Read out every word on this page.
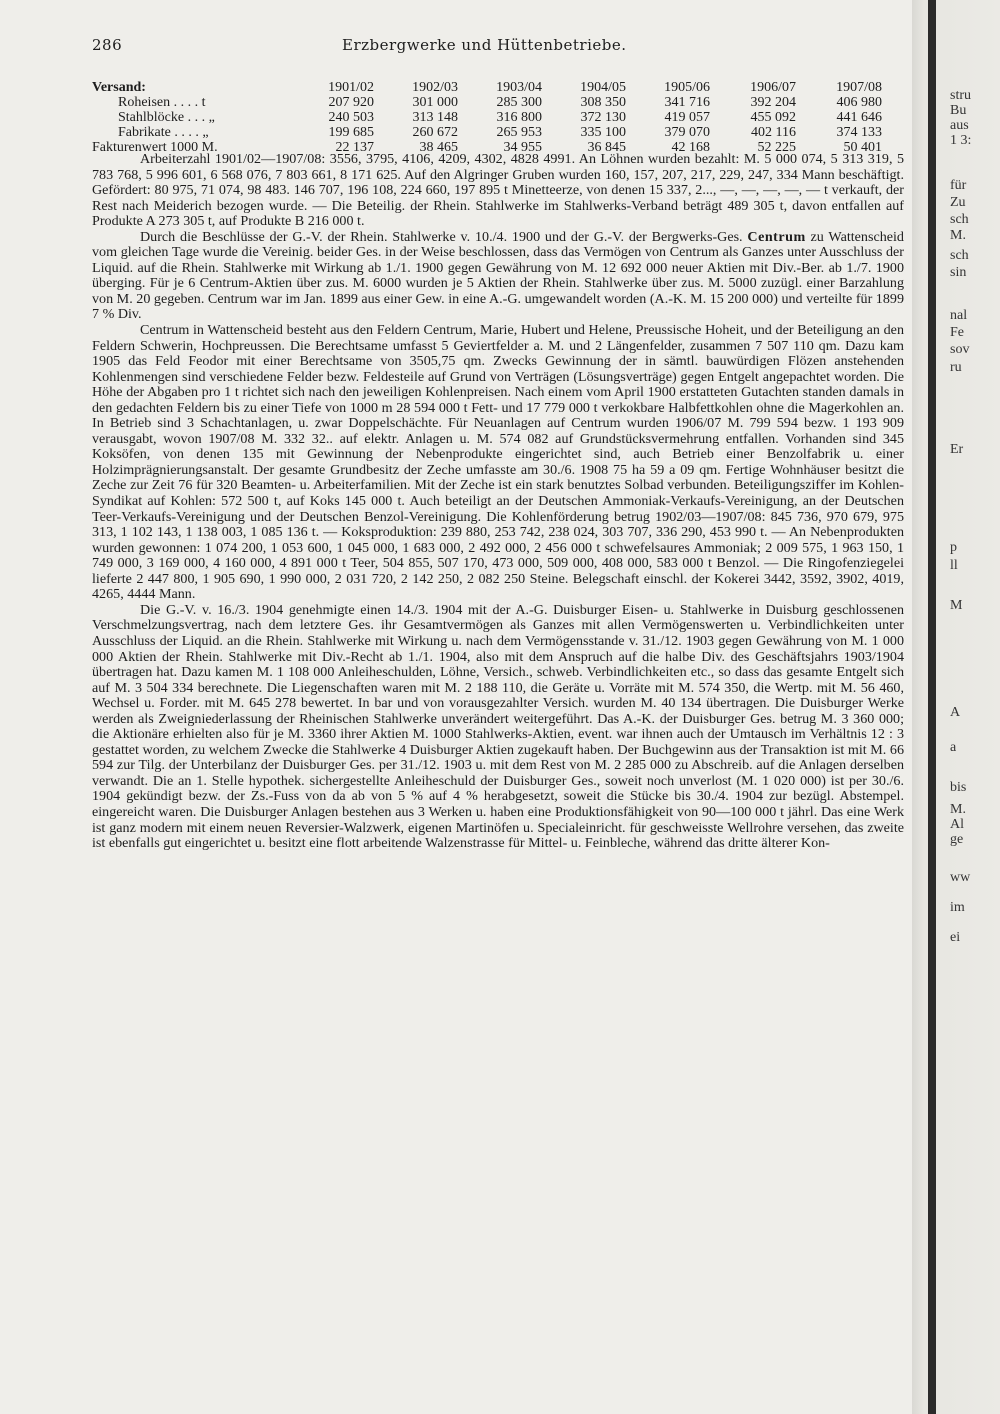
286	Erzbergwerke und Hüttenbetriebe.
Versand:	1901/02	1902/03	1903/04	1904/05	1905/06	1906/07	1907/08
Roheisen . . . . t	207 920	301 000	285 300	308 350	341 716	392 204	406 980
Stahlblöcke . . . „	240 503	313 148	316 800	372 130	419 057	455 092	441 646
Fabrikate . . . . „	199 685	260 672	265 953	335 100	379 070	402 116	374 133
Fakturenwert 1000 M.	22 137	38 465	34 955	36 845	42 168	52 225	50 401

Arbeiterzahl 1901/02—1907/08: 3556, 3795, 4106, 4209, 4302, 4828 4991. An Löhnen wurden bezahlt: M. 5 000 074, 5 313 319, 5 783 768, 5 996 601, 6 568 076, 7 803 661, 8 171 625. Auf den Algringer Gruben wurden 160, 157, 207, 217, 229, 247, 334 Mann beschäftigt. Gefördert: 80 975, 71 074, 98 483. 146 707, 196 108, 224 660, 197 895 t Minetteerze, von denen 15 337, 2..., —, —, —, —, — t verkauft, der Rest nach Meiderich bezogen wurde. — Die Beteilig. der Rhein. Stahlwerke im Stahlwerks-Verband beträgt 489 305 t, davon entfallen auf Produkte A 273 305 t, auf Produkte B 216 000 t.

Durch die Beschlüsse der G.-V. der Rhein. Stahlwerke v. 10./4. 1900 und der G.-V. der Bergwerks-Ges. Centrum zu Wattenscheid vom gleichen Tage wurde die Vereinig. beider Ges. in der Weise beschlossen, dass das Vermögen von Centrum als Ganzes unter Ausschluss der Liquid. auf die Rhein. Stahlwerke mit Wirkung ab 1./1. 1900 gegen Gewährung von M. 12 692 000 neuer Aktien mit Div.-Ber. ab 1./7. 1900 überging. Für je 6 Centrum-Aktien über zus. M. 6000 wurden je 5 Aktien der Rhein. Stahlwerke über zus. M. 5000 zuzügl. einer Barzahlung von M. 20 gegeben. Centrum war im Jan. 1899 aus einer Gew. in eine A.-G. umgewandelt worden (A.-K. M. 15 200 000) und verteilte für 1899 7 % Div.

Centrum in Wattenscheid besteht aus den Feldern Centrum, Marie, Hubert und Helene, Preussische Hoheit, und der Beteiligung an den Feldern Schwerin, Hochpreussen. Die Berechtsame umfasst 5 Geviertfelder a. M. und 2 Längenfelder, zusammen 7 507 110 qm. Dazu kam 1905 das Feld Feodor mit einer Berechtsame von 3505,75 qm. Zwecks Gewinnung der in sämtl. bauwürdigen Flözen anstehenden Kohlenmengen sind verschiedene Felder bezw. Feldesteile auf Grund von Verträgen (Lösungsverträge) gegen Entgelt angepachtet worden. Die Höhe der Abgaben pro 1 t richtet sich nach den jeweiligen Kohlenpreisen. Nach einem vom April 1900 erstatteten Gutachten standen damals in den gedachten Feldern bis zu einer Tiefe von 1000 m 28 594 000 t Fett- und 17 779 000 t verkokbare Halbfettkohlen ohne die Magerkohlen an. In Betrieb sind 3 Schachtanlagen, u. zwar Doppelschächte. Für Neuanlagen auf Centrum wurden 1906/07 M. 799 594 bezw. 1 193 909 verausgabt, wovon 1907/08 M. 332 32.. auf elektr. Anlagen u. M. 574 082 auf Grundstücksvermehrung entfallen. Vorhanden sind 345 Koksöfen, von denen 135 mit Gewinnung der Nebenprodukte eingerichtet sind, auch Betrieb einer Benzolfabrik u. einer Holzimprägnierungsanstalt. Der gesamte Grundbesitz der Zeche umfasste am 30./6. 1908 75 ha 59 a 09 qm. Fertige Wohnhäuser besitzt die Zeche zur Zeit 76 für 320 Beamten- u. Arbeiterfamilien. Mit der Zeche ist ein stark benutztes Solbad verbunden. Beteiligungsziffer im Kohlen-Syndikat auf Kohlen: 572 500 t, auf Koks 145 000 t. Auch beteiligt an der Deutschen Ammoniak-Verkaufs-Vereinigung, an der Deutschen Teer-Verkaufs-Vereinigung und der Deutschen Benzol-Vereinigung. Die Kohlenförderung betrug 1902/03—1907/08: 845 736, 970 679, 975 313, 1 102 143, 1 138 003, 1 085 136 t. — Koksproduktion: 239 880, 253 742, 238 024, 303 707, 336 290, 453 990 t. — An Nebenprodukten wurden gewonnen: 1 074 200, 1 053 600, 1 045 000, 1 683 000, 2 492 000, 2 456 000 t schwefelsaures Ammoniak; 2 009 575, 1 963 150, 1 749 000, 3 169 000, 4 160 000, 4 891 000 t Teer, 504 855, 507 170, 473 000, 509 000, 408 000, 583 000 t Benzol. — Die Ringofenziegelei lieferte 2 447 800, 1 905 690, 1 990 000, 2 031 720, 2 142 250, 2 082 250 Steine. Belegschaft einschl. der Kokerei 3442, 3592, 3902, 4019, 4265, 4444 Mann.

Die G.-V. v. 16./3. 1904 genehmigte einen 14./3. 1904 mit der A.-G. Duisburger Eisen- u. Stahlwerke in Duisburg geschlossenen Verschmelzungsvertrag, nach dem letztere Ges. ihr Gesamtvermögen als Ganzes mit allen Vermögenswerten u. Verbindlichkeiten unter Ausschluss der Liquid. an die Rhein. Stahlwerke mit Wirkung u. nach dem Vermögensstande v. 31./12. 1903 gegen Gewährung von M. 1 000 000 Aktien der Rhein. Stahlwerke mit Div.-Recht ab 1./1. 1904, also mit dem Anspruch auf die halbe Div. des Geschäftsjahrs 1903/1904 übertragen hat. Dazu kamen M. 1 108 000 Anleiheschulden, Löhne, Versich., schweb. Verbindlichkeiten etc., so dass das gesamte Entgelt sich auf M. 3 504 334 berechnete. Die Liegenschaften waren mit M. 2 188 110, die Geräte u. Vorräte mit M. 574 350, die Wertp. mit M. 56 460, Wechsel u. Forder. mit M. 645 278 bewertet. In bar und von vorausgezahlter Versich. wurden M. 40 134 übertragen. Die Duisburger Werke werden als Zweigniederlassung der Rheinischen Stahlwerke unverändert weitergeführt. Das A.-K. der Duisburger Ges. betrug M. 3 360 000; die Aktionäre erhielten also für je M. 3360 ihrer Aktien M. 1000 Stahlwerks-Aktien, event. war ihnen auch der Umtausch im Verhältnis 12 : 3 gestattet worden, zu welchem Zwecke die Stahlwerke 4 Duisburger Aktien zugekauft haben. Der Buchgewinn aus der Transaktion ist mit M. 66 594 zur Tilg. der Unterbilanz der Duisburger Ges. per 31./12. 1903 u. mit dem Rest von M. 2 285 000 zu Abschreib. auf die Anlagen derselben verwandt. Die an 1. Stelle hypothek. sichergestellte Anleiheschuld der Duisburger Ges., soweit noch unverlost (M. 1 020 000) ist per 30./6. 1904 gekündigt bezw. der Zs.-Fuss von da ab von 5 % auf 4 % herabgesetzt, soweit die Stücke bis 30./4. 1904 zur bezügl. Abstempel. eingereicht waren. Die Duisburger Anlagen bestehen aus 3 Werken u. haben eine Produktionsfähigkeit von 90—100 000 t jährl. Das eine Werk ist ganz modern mit einem neuen Reversier-Walzwerk, eigenen Martinöfen u. Specialeinricht. für geschweisste Wellrohre versehen, das zweite ist ebenfalls gut eingerichtet u. besitzt eine flott arbeitende Walzenstrasse für Mittel- u. Feinbleche, während das dritte älterer Kon-

stru
Bu
aus
1 3:
für
Zu
sch
M.
sch
sin
nal
Fe
sov
ru
Er
p
ll
M
A
a
bis
M.
Al
ge
ww
im
ei
